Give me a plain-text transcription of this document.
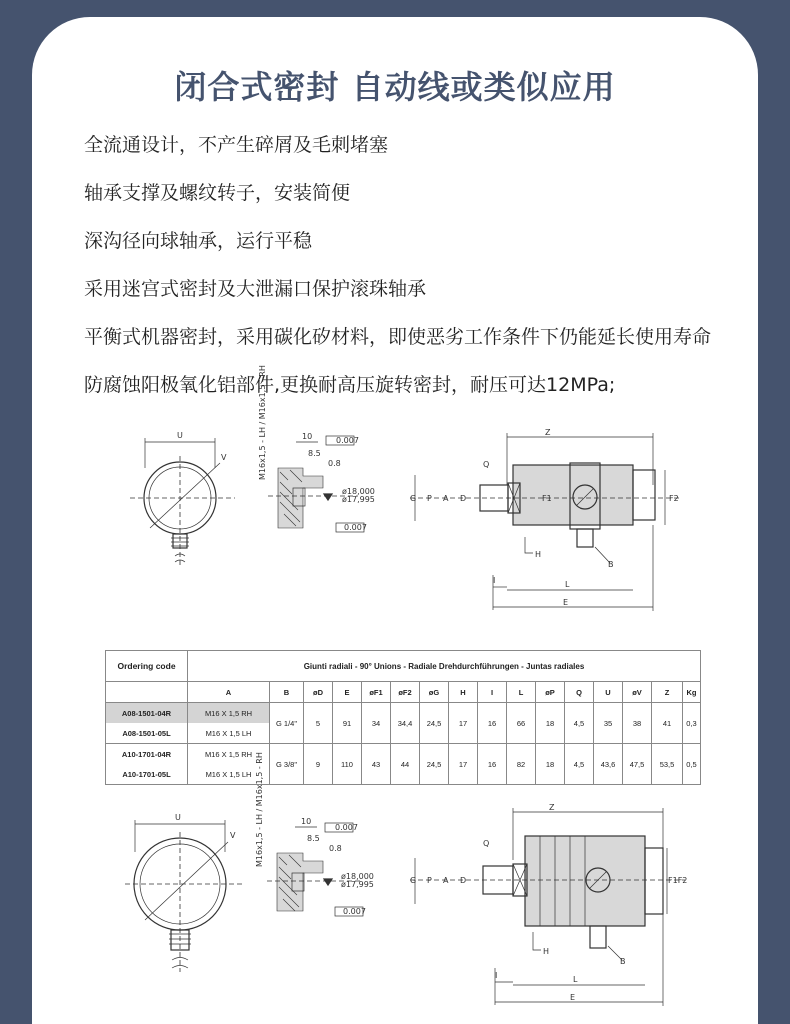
闭合式密封 自动线或类似应用
全流通设计，不产生碎屑及毛刺堵塞
轴承支撑及螺纹转子，安装简便
深沟径向球轴承，运行平稳
采用迷宫式密封及大泄漏口保护滚珠轴承
平衡式机器密封，采用碳化矽材料，即使恶劣工作条件下仍能延长使用寿命
防腐蚀阳极氧化铝部件,更换耐高压旋转密封，耐压可达12MPa;
U
V	M16x1,5 - LH / M16x1,5 - RH	10	0.007
8.5
0.8
ø18,000
ø17,995
0.007
Z
Q
G P A D	F1	F2
H
B
I	L
E
Ordering code	Giunti radiali - 90° Unions - Radiale Drehdurchführungen - Juntas radiales															
	A	B	øD	E	øF1	øF2	øG	H	I	L	øP	Q	U	øV	Z	Kg
A08-1501-04R	M16 X 1,5 RH	G 1/4"	5	91	34	34,4	24,5	17	16	66	18	4,5	35	38	41	0,3
A08-1501-05L	M16 X 1,5 LH															
A10-1701-04R	M16 X 1,5 RH	G 3/8"	9	110	43	44	24,5	17	16	82	18	4,5	43,6	47,5	53,5	0,5
A10-1701-05L	M16 X 1,5 LH															
U
V M16x1,5 - LH / M16x1,5 - RH	10
0.007
8.5
0.8
ø18,000
ø17,995
0.007
Z
Q
G P A D	F1F2
H
B
I	L
E
